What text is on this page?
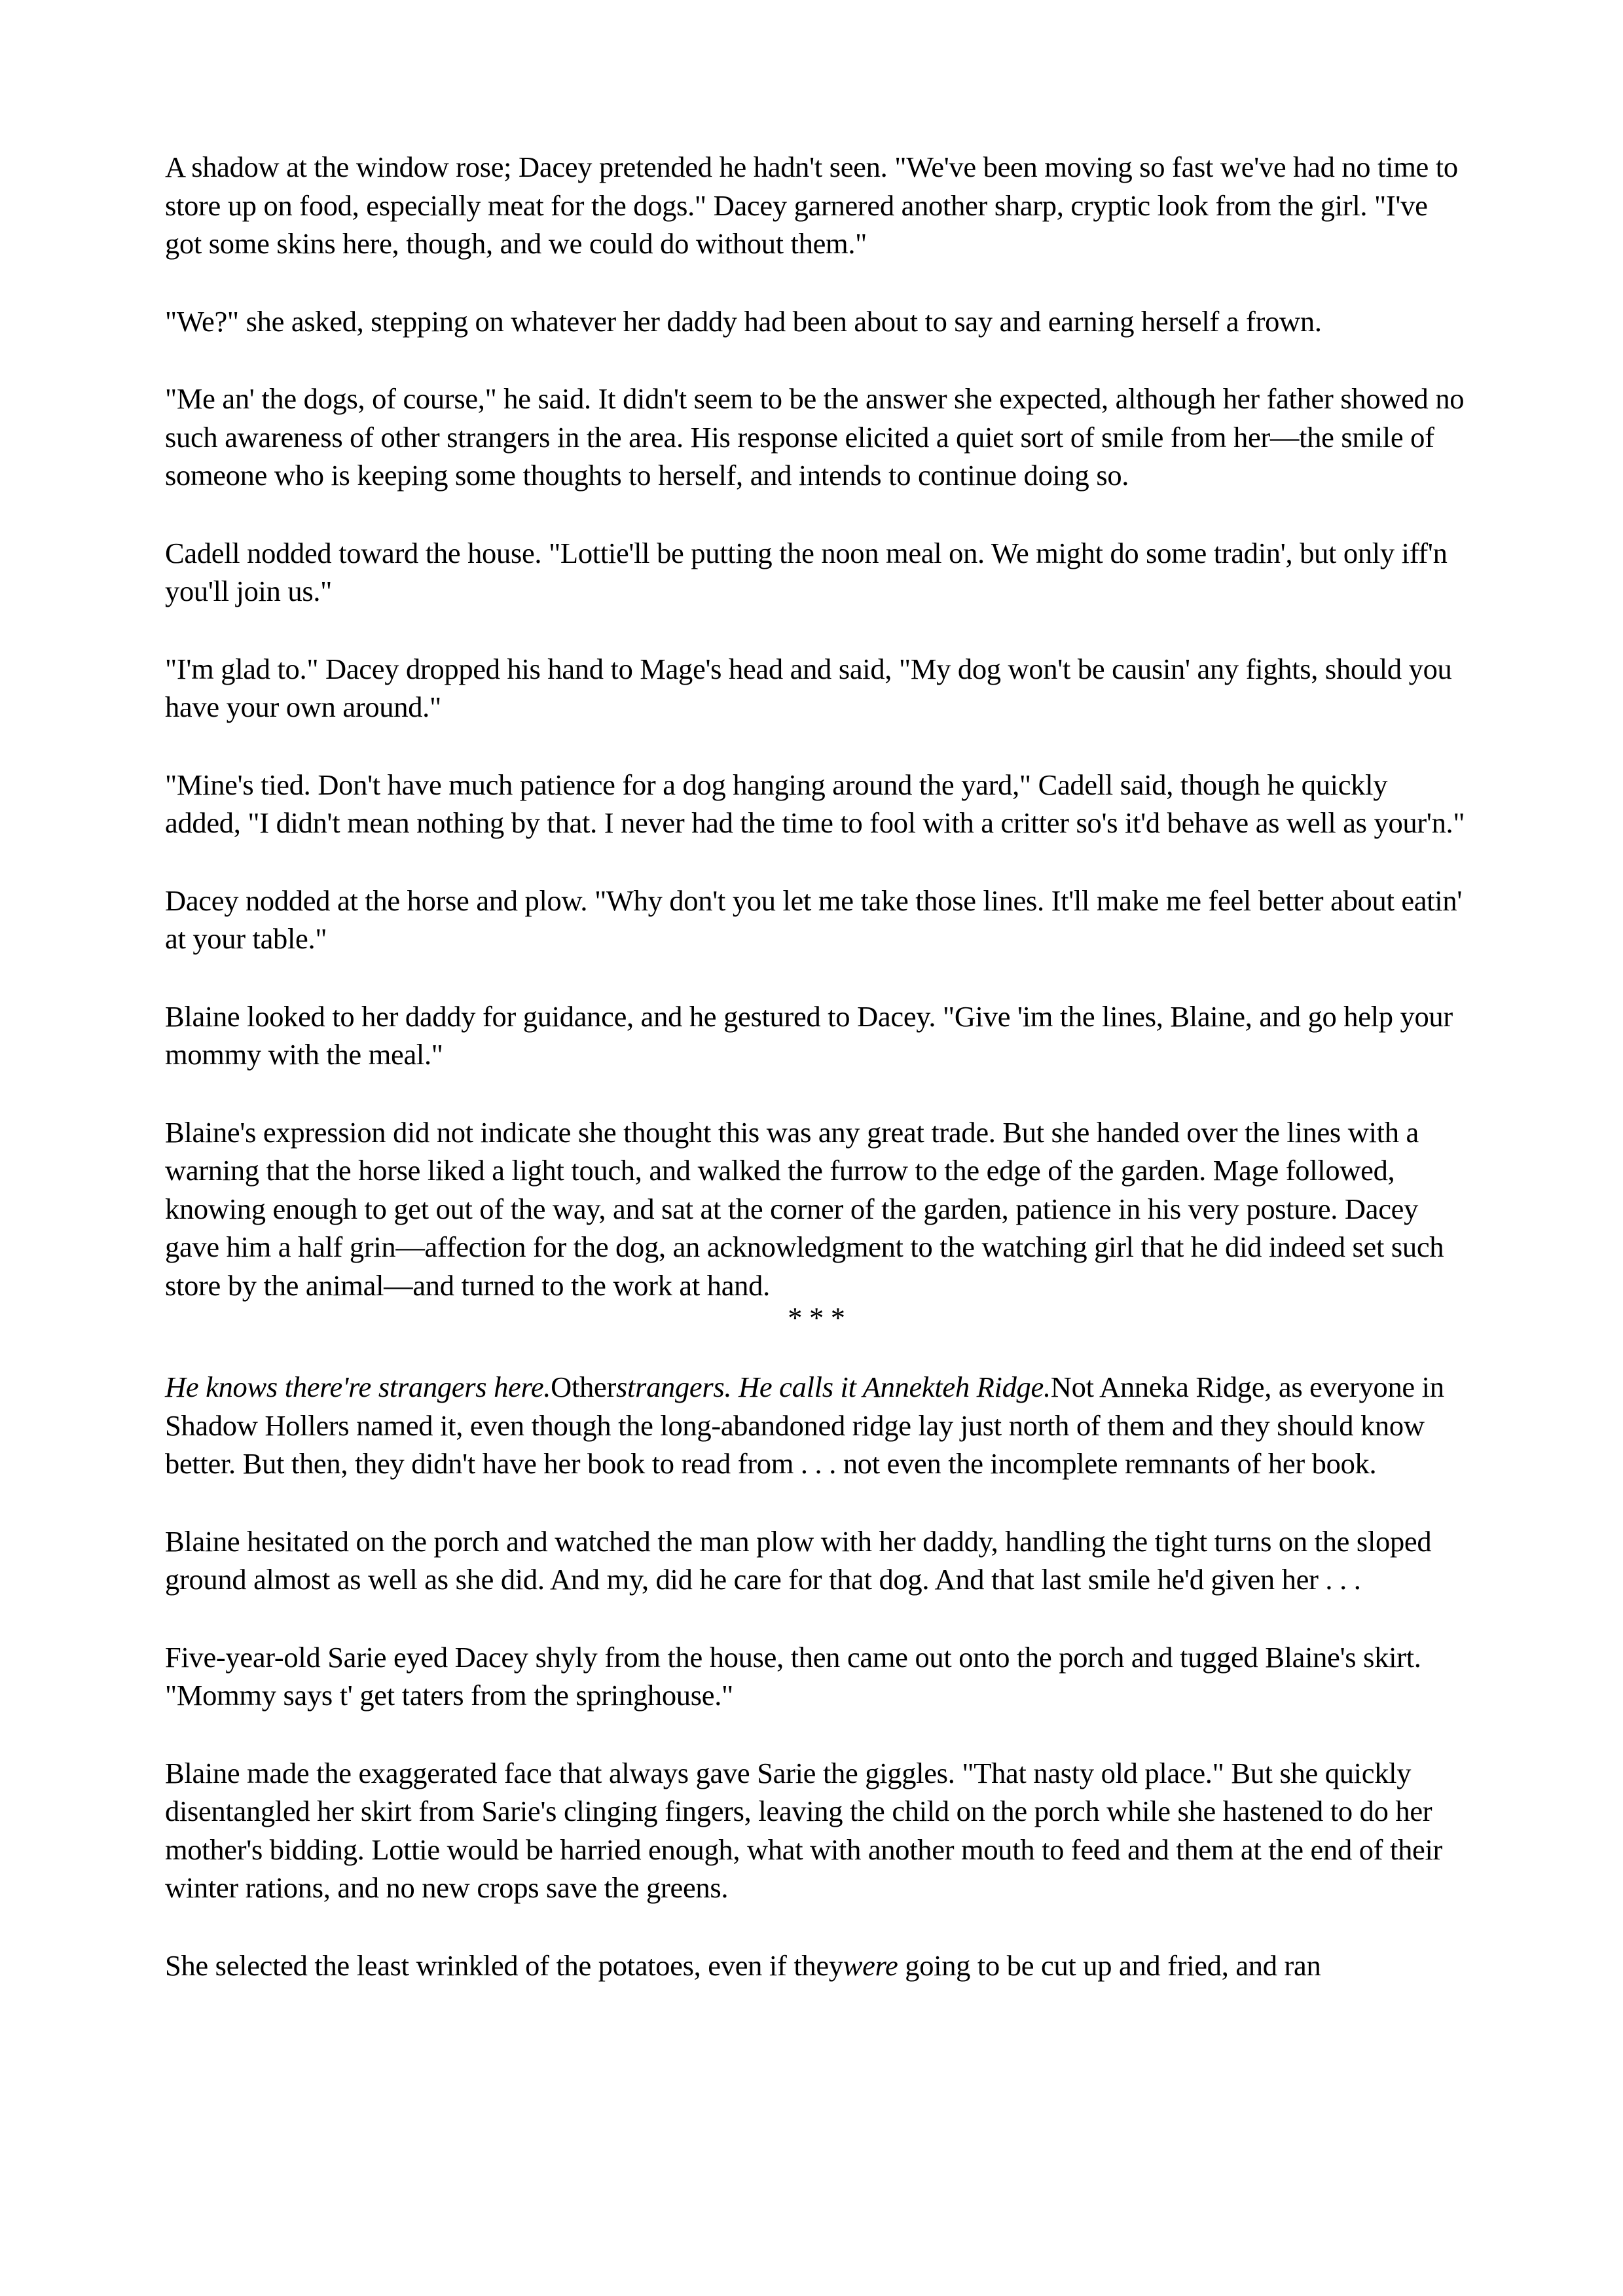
A shadow at the window rose; Dacey pretended he hadn't seen. "We've been moving so fast we've had no time to store up on food, especially meat for the dogs." Dacey garnered another sharp, cryptic look from the girl. "I've got some skins here, though, and we could do without them."

"We?" she asked, stepping on whatever her daddy had been about to say and earning herself a frown.

"Me an' the dogs, of course," he said. It didn't seem to be the answer she expected, although her father showed no such awareness of other strangers in the area. His response elicited a quiet sort of smile from her—the smile of someone who is keeping some thoughts to herself, and intends to continue doing so.

Cadell nodded toward the house. "Lottie'll be putting the noon meal on. We might do some tradin', but only iff'n you'll join us."

"I'm glad to." Dacey dropped his hand to Mage's head and said, "My dog won't be causin' any fights, should you have your own around."

"Mine's tied. Don't have much patience for a dog hanging around the yard," Cadell said, though he quickly added, "I didn't mean nothing by that. I never had the time to fool with a critter so's it'd behave as well as your'n."

Dacey nodded at the horse and plow. "Why don't you let me take those lines. It'll make me feel better about eatin' at your table."

Blaine looked to her daddy for guidance, and he gestured to Dacey. "Give 'im the lines, Blaine, and go help your mommy with the meal."

Blaine's expression did not indicate she thought this was any great trade. But she handed over the lines with a warning that the horse liked a light touch, and walked the furrow to the edge of the garden. Mage followed, knowing enough to get out of the way, and sat at the corner of the garden, patience in his very posture. Dacey gave him a half grin—affection for the dog, an acknowledgment to the watching girl that he did indeed set such store by the animal—and turned to the work at hand.

* * *

He knows there're strangers here.Otherstrangers. He calls it Annekteh Ridge.Not Anneka Ridge, as everyone in Shadow Hollers named it, even though the long-abandoned ridge lay just north of them and they should know better. But then, they didn't have her book to read from . . . not even the incomplete remnants of her book.

Blaine hesitated on the porch and watched the man plow with her daddy, handling the tight turns on the sloped ground almost as well as she did. And my, did he care for that dog. And that last smile he'd given her . . .

Five-year-old Sarie eyed Dacey shyly from the house, then came out onto the porch and tugged Blaine's skirt. "Mommy says t' get taters from the springhouse."

Blaine made the exaggerated face that always gave Sarie the giggles. "That nasty old place." But she quickly disentangled her skirt from Sarie's clinging fingers, leaving the child on the porch while she hastened to do her mother's bidding. Lottie would be harried enough, what with another mouth to feed and them at the end of their winter rations, and no new crops save the greens.

She selected the least wrinkled of the potatoes, even if theywere going to be cut up and fried, and ran
